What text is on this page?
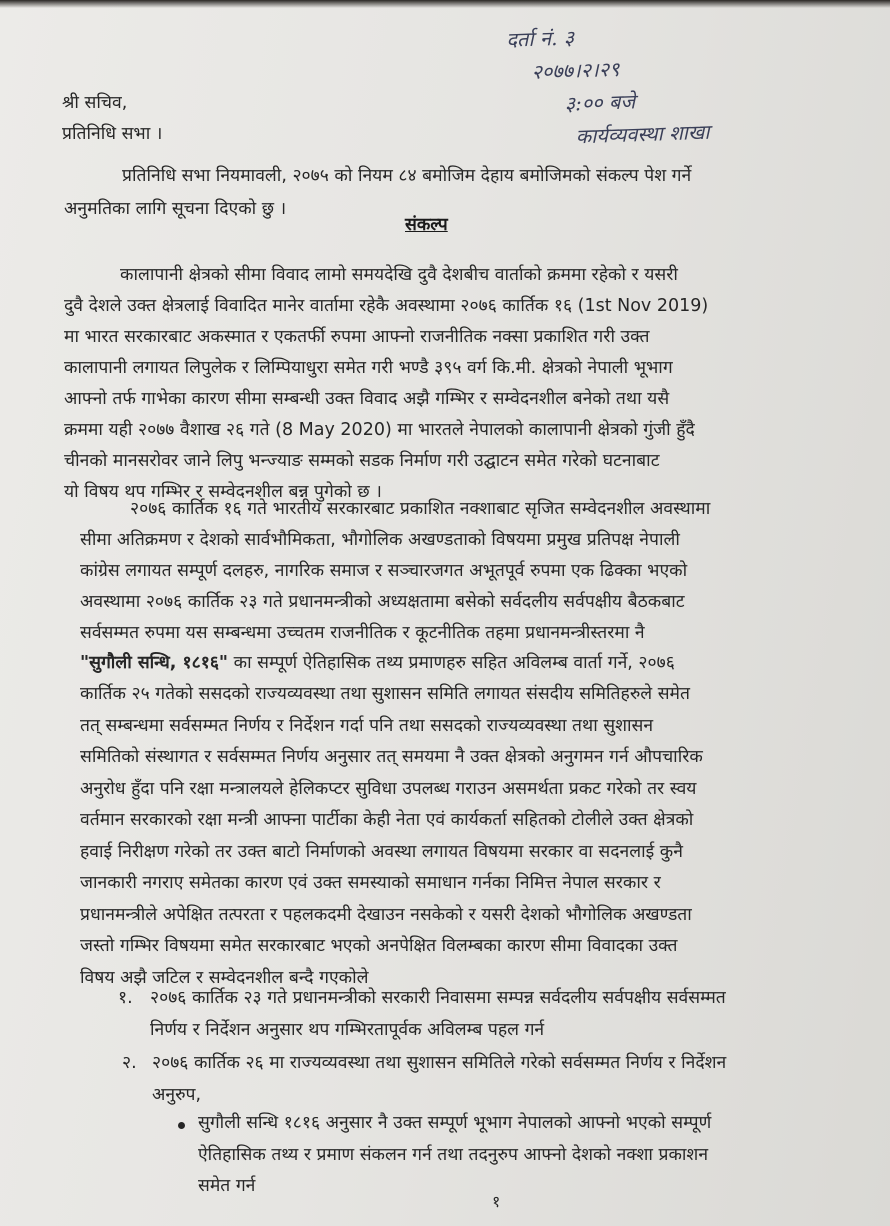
दर्ता नं. ३
२०७७।२।२९
३:०० बजे
कार्यव्यवस्था शाखा
श्री सचिव,
प्रतिनिधि सभा ।
प्रतिनिधि सभा नियमावली, २०७५ को नियम ८४ बमोजिम देहाय बमोजिमको संकल्प पेश गर्ने
अनुमतिका लागि सूचना दिएको छु ।
संकल्प
कालापानी क्षेत्रको सीमा विवाद लामो समयदेखि दुवै देशबीच वार्ताको क्रममा रहेको र यसरी
दुवै देशले उक्त क्षेत्रलाई विवादित मानेर वार्तामा रहेकै अवस्थामा २०७६ कार्तिक १६ (1st Nov 2019)
मा भारत सरकारबाट अकस्मात र एकतर्फी रुपमा आफ्नो राजनीतिक नक्सा प्रकाशित गरी उक्त
कालापानी लगायत लिपुलेक र लिम्पियाधुरा समेत गरी भण्डै ३९५ वर्ग कि.मी. क्षेत्रको नेपाली भूभाग
आफ्नो तर्फ गाभेका कारण सीमा सम्बन्धी उक्त विवाद अझै गम्भिर र सम्वेदनशील बनेको तथा यसै
क्रममा यही २०७७ वैशाख २६ गते (8 May 2020) मा भारतले नेपालको कालापानी क्षेत्रको गुंजी हुँदै
चीनको मानसरोवर जाने लिपु भन्ज्याङ सम्मको सडक निर्माण गरी उद्घाटन समेत गरेको घटनाबाट
यो विषय थप गम्भिर र सम्वेदनशील बन्न पुगेको छ ।
२०७६ कार्तिक १६ गते भारतीय सरकारबाट प्रकाशित नक्शाबाट सृजित सम्वेदनशील अवस्थामा
सीमा अतिक्रमण र देशको सार्वभौमिकता, भौगोलिक अखण्डताको विषयमा प्रमुख प्रतिपक्ष नेपाली
कांग्रेस लगायत सम्पूर्ण दलहरु, नागरिक समाज र सञ्चारजगत अभूतपूर्व रुपमा एक ढिक्का भएको
अवस्थामा २०७६ कार्तिक २३ गते प्रधानमन्त्रीको अध्यक्षतामा बसेको सर्वदलीय सर्वपक्षीय बैठकबाट
सर्वसम्मत रुपमा यस सम्बन्धमा उच्चतम राजनीतिक र कूटनीतिक तहमा प्रधानमन्त्रीस्तरमा नै
"सुगौली सन्धि, १८१६" का सम्पूर्ण ऐतिहासिक तथ्य प्रमाणहरु सहित अविलम्ब वार्ता गर्ने, २०७६
कार्तिक २५ गतेको ससदको राज्यव्यवस्था तथा सुशासन समिति लगायत संसदीय समितिहरुले समेत
तत् सम्बन्धमा सर्वसम्मत निर्णय र निर्देशन गर्दा पनि तथा ससदको राज्यव्यवस्था तथा सुशासन
समितिको संस्थागत र सर्वसम्मत निर्णय अनुसार तत् समयमा नै उक्त क्षेत्रको अनुगमन गर्न औपचारिक
अनुरोध हुँदा पनि रक्षा मन्त्रालयले हेलिकप्टर सुविधा उपलब्ध गराउन असमर्थता प्रकट गरेको तर स्वय
वर्तमान सरकारको रक्षा मन्त्री आफ्ना पार्टीका केही नेता एवं कार्यकर्ता सहितको टोलीले उक्त क्षेत्रको
हवाई निरीक्षण गरेको तर उक्त बाटो निर्माणको अवस्था लगायत विषयमा सरकार वा सदनलाई कुनै
जानकारी नगराए समेतका कारण एवं उक्त समस्याको समाधान गर्नका निमित्त नेपाल सरकार र
प्रधानमन्त्रीले अपेक्षित तत्परता र पहलकदमी देखाउन नसकेको र यसरी देशको भौगोलिक अखण्डता
जस्तो गम्भिर विषयमा समेत सरकारबाट भएको अनपेक्षित विलम्बका कारण सीमा विवादका उक्त
विषय अझै जटिल र सम्वेदनशील बन्दै गएकोले
१. २०७६ कार्तिक २३ गते प्रधानमन्त्रीको सरकारी निवासमा सम्पन्न सर्वदलीय सर्वपक्षीय सर्वसम्मत
निर्णय र निर्देशन अनुसार थप गम्भिरतापूर्वक अविलम्ब पहल गर्न
२. २०७६ कार्तिक २६ मा राज्यव्यवस्था तथा सुशासन समितिले गरेको सर्वसम्मत निर्णय र निर्देशन
अनुरुप,
सुगौली सन्धि १८१६ अनुसार नै उक्त सम्पूर्ण भूभाग नेपालको आफ्नो भएको सम्पूर्ण
ऐतिहासिक तथ्य र प्रमाण संकलन गर्न तथा तदनुरुप आफ्नो देशको नक्शा प्रकाशन
समेत गर्न
१
